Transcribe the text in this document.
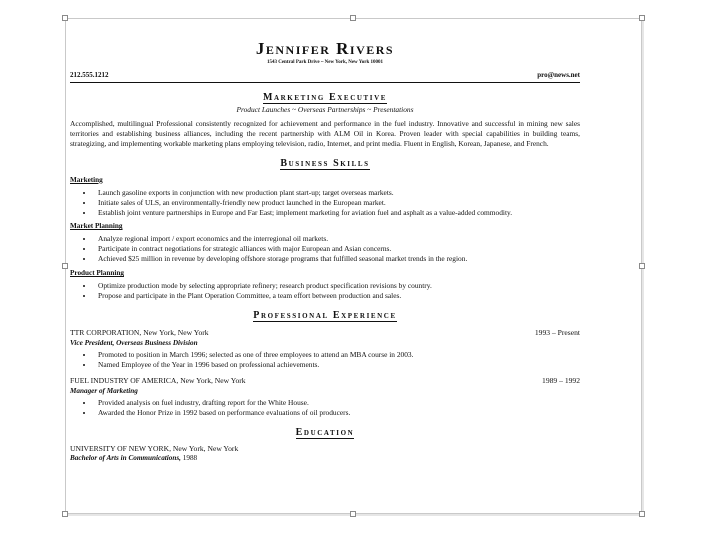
Jennifer Rivers
1543 Central Park Drive ~ New York, New York 10001
212.555.1212	pro@news.net
Marketing Executive
Product Launches ~ Overseas Partnerships ~ Presentations
Accomplished, multilingual Professional consistently recognized for achievement and performance in the fuel industry. Innovative and successful in mining new sales territories and establishing business alliances, including the recent partnership with ALM Oil in Korea. Proven leader with special capabilities in building teams, strategizing, and implementing workable marketing plans employing television, radio, Internet, and print media. Fluent in English, Korean, Japanese, and French.
Business Skills
Marketing
• Launch gasoline exports in conjunction with new production plant start-up; target overseas markets.
• Initiate sales of ULS, an environmentally-friendly new product launched in the European market.
• Establish joint venture partnerships in Europe and Far East; implement marketing for aviation fuel and asphalt as a value-added commodity.
Market Planning
• Analyze regional import / export economics and the interregional oil markets.
• Participate in contract negotiations for strategic alliances with major European and Asian concerns.
• Achieved $25 million in revenue by developing offshore storage programs that fulfilled seasonal market trends in the region.
Product Planning
• Optimize production mode by selecting appropriate refinery; research product specification revisions by country.
• Propose and participate in the Plant Operation Committee, a team effort between production and sales.
Professional Experience
TTR CORPORATION, New York, New York	1993 – Present
Vice President, Overseas Business Division
• Promoted to position in March 1996; selected as one of three employees to attend an MBA course in 2003.
• Named Employee of the Year in 1996 based on professional achievements.
FUEL INDUSTRY OF AMERICA, New York, New York	1989 – 1992
Manager of Marketing
• Provided analysis on fuel industry, drafting report for the White House.
• Awarded the Honor Prize in 1992 based on performance evaluations of oil producers.
Education
UNIVERSITY OF NEW YORK, New York, New York
Bachelor of Arts in Communications, 1988
